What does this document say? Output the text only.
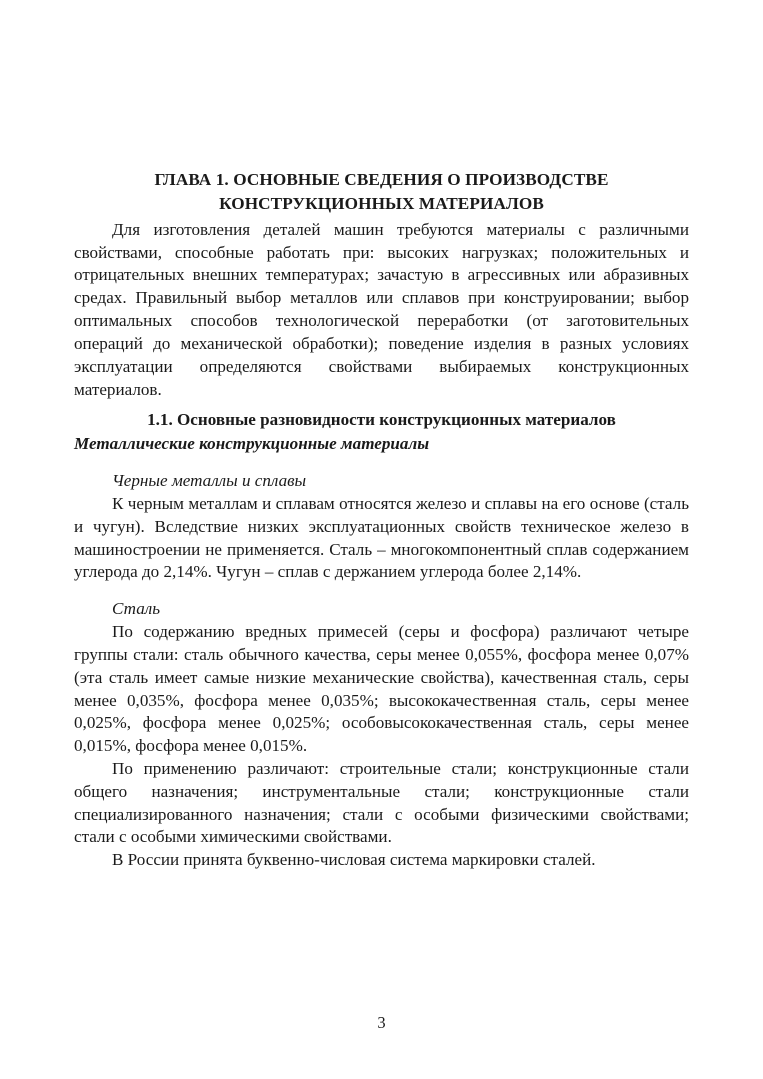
ГЛАВА 1. ОСНОВНЫЕ СВЕДЕНИЯ О ПРОИЗВОДСТВЕ
КОНСТРУКЦИОННЫХ МАТЕРИАЛОВ

Для изготовления деталей машин требуются материалы с различными свойствами, способные работать при: высоких нагрузках; положительных и отрицательных внешних температурах; зачастую в агрессивных или абразивных средах. Правильный выбор металлов или сплавов при конструировании; выбор оптимальных способов технологической переработки (от заготовительных операций до механической обработки); поведение изделия в разных условиях эксплуатации определяются свойствами выбираемых конструкционных материалов.

1.1. Основные разновидности конструкционных материалов
Металлические конструкционные материалы

Черные металлы и сплавы

К черным металлам и сплавам относятся железо и сплавы на его основе (сталь и чугун). Вследствие низких эксплуатационных свойств техническое железо в машиностроении не применяется. Сталь – многокомпонентный сплав содержанием углерода до 2,14%. Чугун – сплав с держанием углерода более 2,14%.

Сталь

По содержанию вредных примесей (серы и фосфора) различают четыре группы стали: сталь обычного качества, серы менее 0,055%, фосфора менее 0,07% (эта сталь имеет самые низкие механические свойства), качественная сталь, серы менее 0,035%, фосфора менее 0,035%; высококачественная сталь, серы менее 0,025%, фосфора менее 0,025%; особовысококачественная сталь, серы менее 0,015%, фосфора менее 0,015%.

По применению различают: строительные стали; конструкционные стали общего назначения; инструментальные стали; конструкционные стали специализированного назначения; стали с особыми физическими свойствами; стали с особыми химическими свойствами.

В России принята буквенно-числовая система маркировки сталей.

3
